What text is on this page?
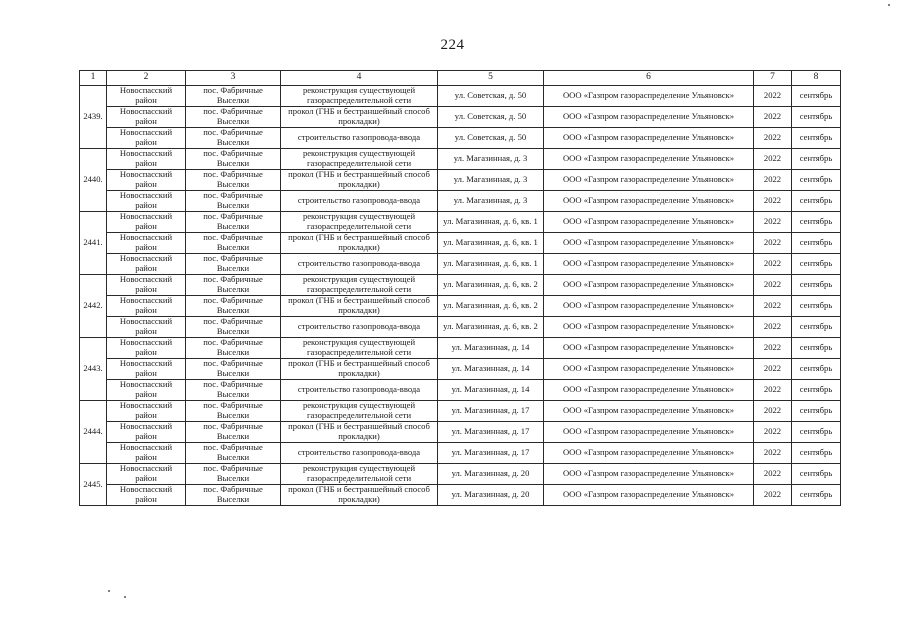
224
1	2	3	4	5	6	7	8
2439.	Новоспасский район	пос. Фабричные Выселки	реконструкция существующей газораспределительной сети	ул. Советская, д. 50	ООО «Газпром газораспределение Ульяновск»	2022	сентябрь
	Новоспасский район	пос. Фабричные Выселки	прокол (ГНБ и бестраншейный способ прокладки)	ул. Советская, д. 50	ООО «Газпром газораспределение Ульяновск»	2022	сентябрь
	Новоспасский район	пос. Фабричные Выселки	строительство газопровода-ввода	ул. Советская, д. 50	ООО «Газпром газораспределение Ульяновск»	2022	сентябрь
2440.	Новоспасский район	пос. Фабричные Выселки	реконструкция существующей газораспределительной сети	ул. Магазинная, д. 3	ООО «Газпром газораспределение Ульяновск»	2022	сентябрь
	Новоспасский район	пос. Фабричные Выселки	прокол (ГНБ и бестраншейный способ прокладки)	ул. Магазинная, д. 3	ООО «Газпром газораспределение Ульяновск»	2022	сентябрь
	Новоспасский район	пос. Фабричные Выселки	строительство газопровода-ввода	ул. Магазинная, д. 3	ООО «Газпром газораспределение Ульяновск»	2022	сентябрь
2441.	Новоспасский район	пос. Фабричные Выселки	реконструкция существующей газораспределительной сети	ул. Магазинная, д. 6, кв. 1	ООО «Газпром газораспределение Ульяновск»	2022	сентябрь
	Новоспасский район	пос. Фабричные Выселки	прокол (ГНБ и бестраншейный способ прокладки)	ул. Магазинная, д. 6, кв. 1	ООО «Газпром газораспределение Ульяновск»	2022	сентябрь
	Новоспасский район	пос. Фабричные Выселки	строительство газопровода-ввода	ул. Магазинная, д. 6, кв. 1	ООО «Газпром газораспределение Ульяновск»	2022	сентябрь
2442.	Новоспасский район	пос. Фабричные Выселки	реконструкция существующей газораспределительной сети	ул. Магазинная, д. 6, кв. 2	ООО «Газпром газораспределение Ульяновск»	2022	сентябрь
	Новоспасский район	пос. Фабричные Выселки	прокол (ГНБ и бестраншейный способ прокладки)	ул. Магазинная, д. 6, кв. 2	ООО «Газпром газораспределение Ульяновск»	2022	сентябрь
	Новоспасский район	пос. Фабричные Выселки	строительство газопровода-ввода	ул. Магазинная, д. 6, кв. 2	ООО «Газпром газораспределение Ульяновск»	2022	сентябрь
2443.	Новоспасский район	пос. Фабричные Выселки	реконструкция существующей газораспределительной сети	ул. Магазинная, д. 14	ООО «Газпром газораспределение Ульяновск»	2022	сентябрь
	Новоспасский район	пос. Фабричные Выселки	прокол (ГНБ и бестраншейный способ прокладки)	ул. Магазинная, д. 14	ООО «Газпром газораспределение Ульяновск»	2022	сентябрь
	Новоспасский район	пос. Фабричные Выселки	строительство газопровода-ввода	ул. Магазинная, д. 14	ООО «Газпром газораспределение Ульяновск»	2022	сентябрь
2444.	Новоспасский район	пос. Фабричные Выселки	реконструкция существующей газораспределительной сети	ул. Магазинная, д. 17	ООО «Газпром газораспределение Ульяновск»	2022	сентябрь
	Новоспасский район	пос. Фабричные Выселки	прокол (ГНБ и бестраншейный способ прокладки)	ул. Магазинная, д. 17	ООО «Газпром газораспределение Ульяновск»	2022	сентябрь
	Новоспасский район	пос. Фабричные Выселки	строительство газопровода-ввода	ул. Магазинная, д. 17	ООО «Газпром газораспределение Ульяновск»	2022	сентябрь
2445.	Новоспасский район	пос. Фабричные Выселки	реконструкция существующей газораспределительной сети	ул. Магазинная, д. 20	ООО «Газпром газораспределение Ульяновск»	2022	сентябрь
	Новоспасский район	пос. Фабричные Выселки	прокол (ГНБ и бестраншейный способ прокладки)	ул. Магазинная, д. 20	ООО «Газпром газораспределение Ульяновск»	2022	сентябрь
